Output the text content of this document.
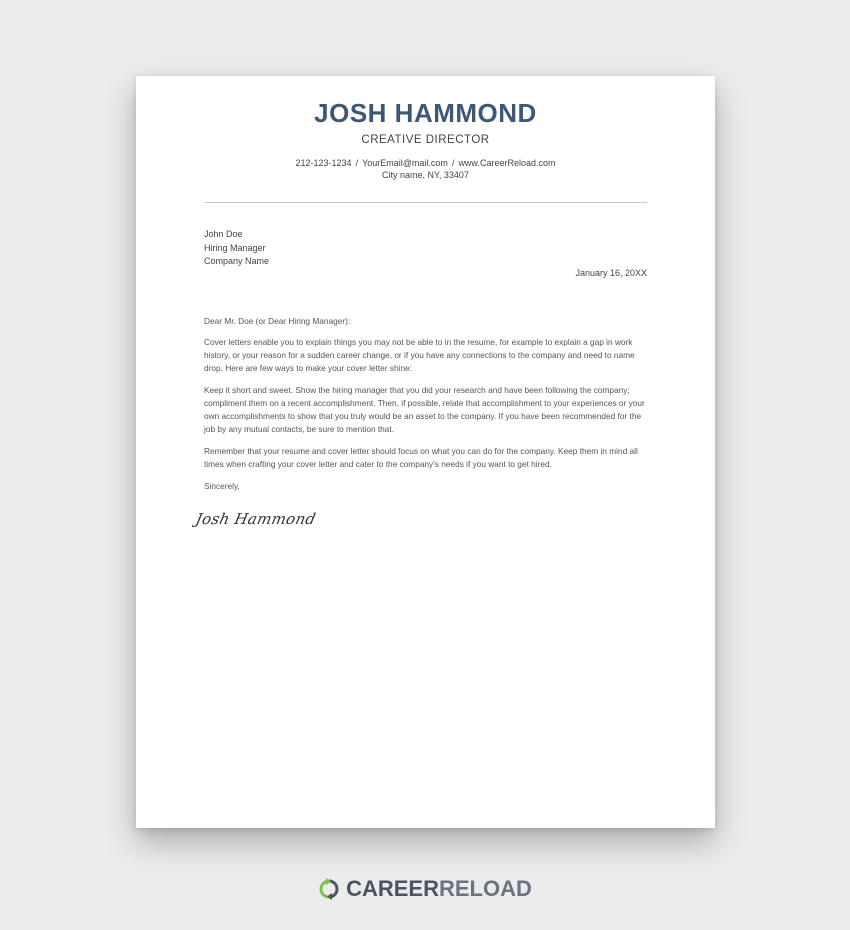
JOSH HAMMOND
CREATIVE DIRECTOR
212-123-1234 / YourEmail@mail.com / www.CareerReload.com
City name, NY, 33407
John Doe
Hiring Manager
Company Name
January 16, 20XX

Dear Mr. Doe (or Dear Hiring Manager):

Cover letters enable you to explain things you may not be able to in the resume, for example to explain a gap in work history, or your reason for a sudden career change, or if you have any connections to the company and need to name drop. Here are few ways to make your cover letter shine:

Keep it short and sweet. Show the hiring manager that you did your research and have been following the company; compliment them on a recent accomplishment. Then, if possible, relate that accomplishment to your experiences or your own accomplishments to show that you truly would be an asset to the company. If you have been recommended for the job by any mutual contacts, be sure to mention that.

Remember that your resume and cover letter should focus on what you can do for the company. Keep them in mind all times when crafting your cover letter and cater to the company's needs if you want to get hired.

Sincerely,

Josh Hammond
CAREERRELOAD
